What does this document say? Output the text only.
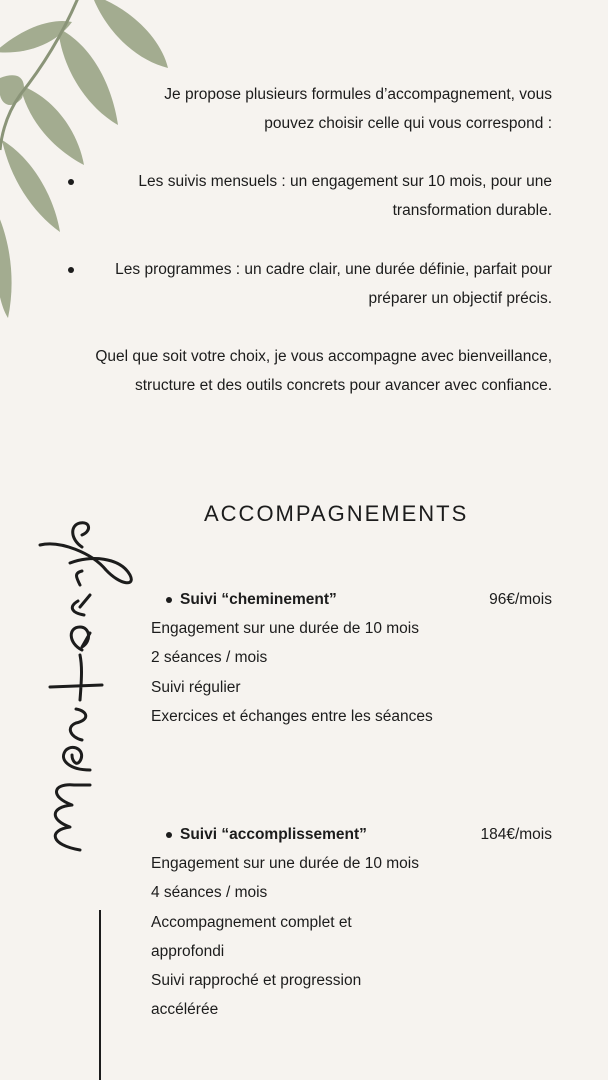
Je propose plusieurs formules d’accompagnement, vous pouvez choisir celle qui vous correspond :

Les suivis mensuels : un engagement sur 10 mois, pour une transformation durable.
Les programmes : un cadre clair, une durée définie, parfait pour préparer un objectif précis.

Quel que soit votre choix, je vous accompagne avec bienveillance, structure et des outils concrets pour avancer avec confiance.

ACCOMPAGNEMENTS
Suivi “cheminement”	96€/mois
Engagement sur une durée de 10 mois
2 séances / mois
Suivi régulier
Exercices et échanges entre les séances
Suivi “accomplissement”	184€/mois
Engagement sur une durée de 10 mois
4 séances / mois
Accompagnement complet et
approfondi
Suivi rapproché et progression
accélérée
